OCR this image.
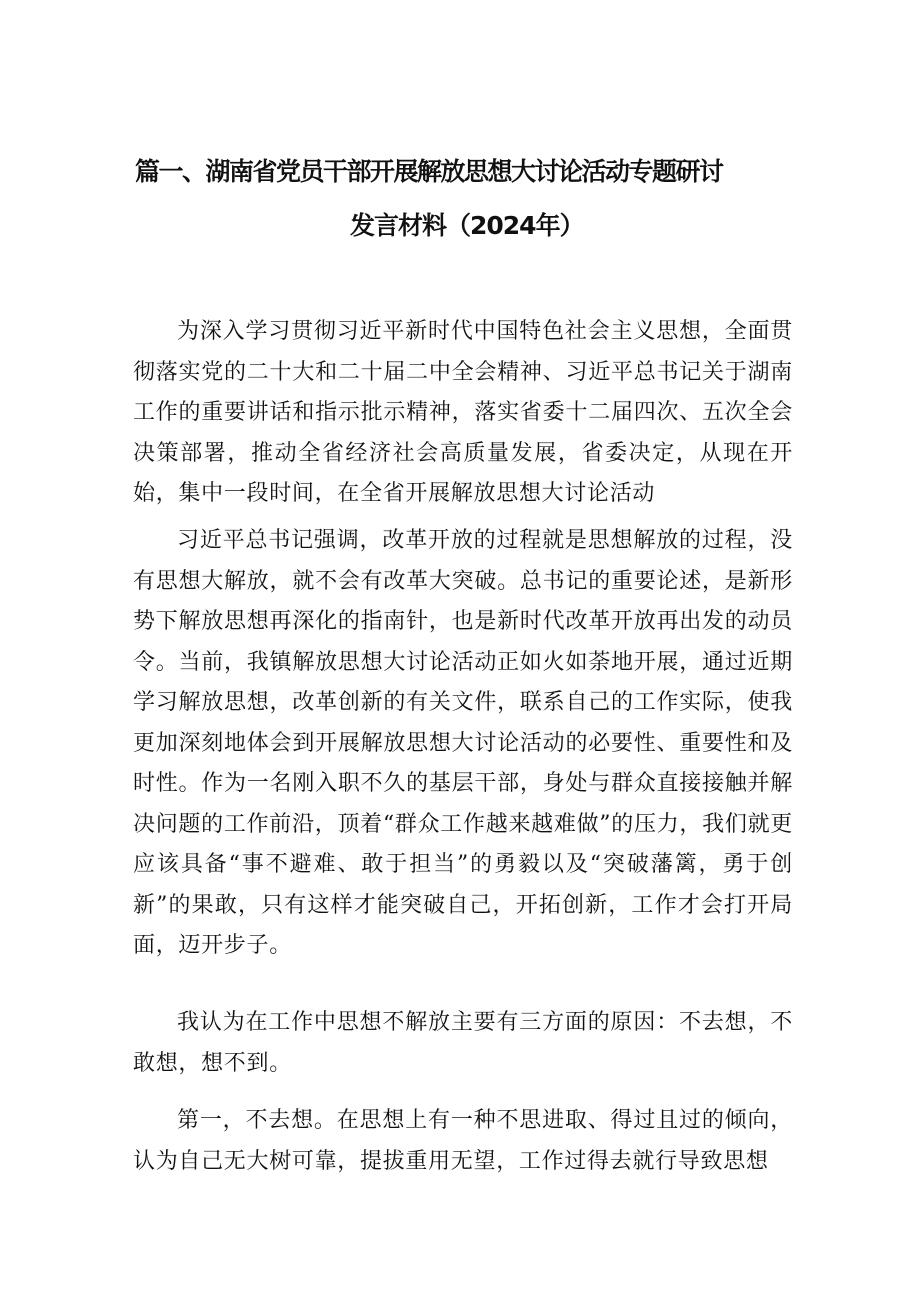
篇一、湖南省党员干部开展解放思想大讨论活动专题研讨
发言材料（2024年）

为深入学习贯彻习近平新时代中国特色社会主义思想，全面贯彻落实党的二十大和二十届二中全会精神、习近平总书记关于湖南工作的重要讲话和指示批示精神，落实省委十二届四次、五次全会决策部署，推动全省经济社会高质量发展，省委决定，从现在开始，集中一段时间，在全省开展解放思想大讨论活动

习近平总书记强调，改革开放的过程就是思想解放的过程，没有思想大解放，就不会有改革大突破。总书记的重要论述，是新形势下解放思想再深化的指南针，也是新时代改革开放再出发的动员令。当前，我镇解放思想大讨论活动正如火如荼地开展，通过近期学习解放思想，改革创新的有关文件，联系自己的工作实际，使我更加深刻地体会到开展解放思想大讨论活动的必要性、重要性和及时性。作为一名刚入职不久的基层干部，身处与群众直接接触并解决问题的工作前沿，顶着“群众工作越来越难做”的压力，我们就更应该具备“事不避难、敢于担当”的勇毅以及“突破藩篱，勇于创新”的果敢，只有这样才能突破自己，开拓创新，工作才会打开局面，迈开步子。

我认为在工作中思想不解放主要有三方面的原因：不去想，不敢想，想不到。

第一，不去想。在思想上有一种不思进取、得过且过的倾向，认为自己无大树可靠，提拔重用无望，工作过得去就行导致思想
